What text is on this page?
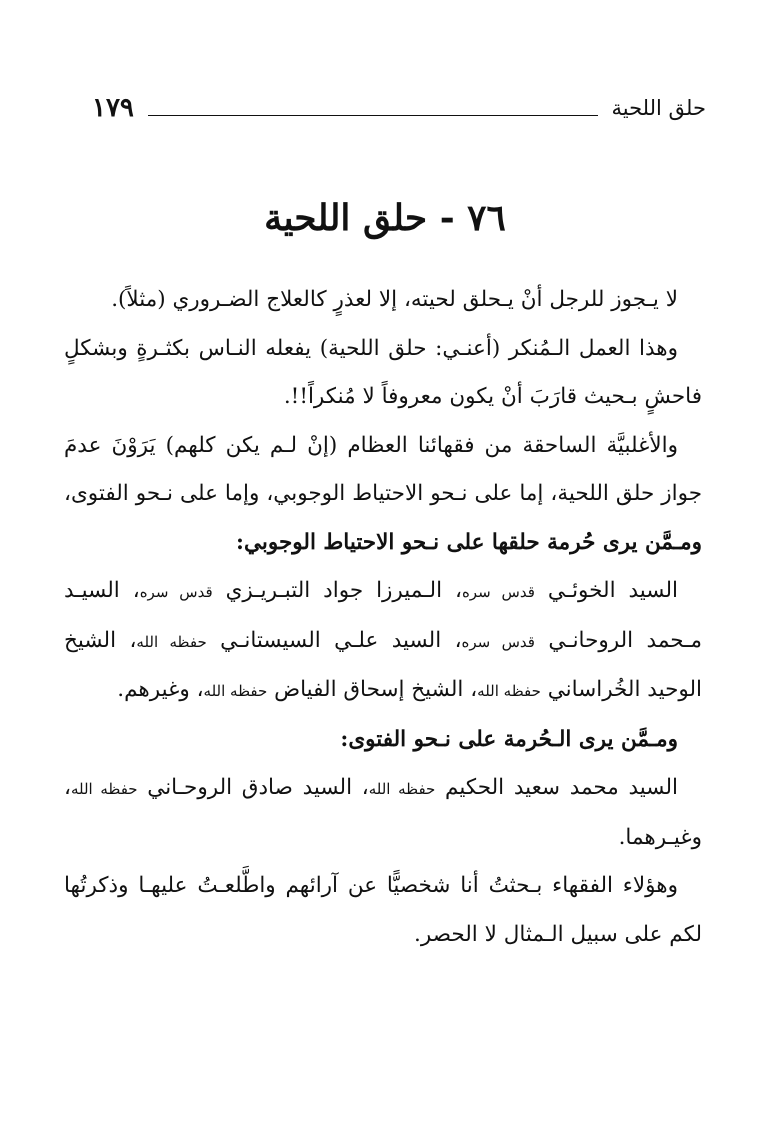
حلق اللحية
١٧٩
٧٦ - حلق اللحية

لا يـجوز للرجل أنْ يـحلق لحيته، إلا لعذرٍ كالعلاج الضـروري (مثلاً).

وهذا العمل الـمُنكر (أعنـي: حلق اللحية) يفعله النـاس بكثـرةٍ وبشكلٍ فاحشٍ بـحيث قارَبَ أنْ يكون معروفاً لا مُنكراً!!.

والأغلبيَّة الساحقة من فقهائنا العظام (إنْ لـم يكن كلهم) يَرَوْنَ عدمَ جواز حلق اللحية، إما على نـحو الاحتياط الوجوبي، وإما على نـحو الفتوى، ومـمَّن يرى حُرمة حلقها على نـحو الاحتياط الوجوبي:

السيد الخوئـي قدس سره، الـميرزا جواد التبـريـزي قدس سره، السيـد مـحمد الروحانـي قدس سره، السيد علـي السيستانـي حفظه الله، الشيخ الوحيد الخُراساني حفظه الله، الشيخ إسحاق الفياض حفظه الله، وغيرهم.

ومـمَّن يرى الـحُرمة على نـحو الفتوى:

السيد محمد سعيد الحكيم حفظه الله، السيد صادق الروحـاني حفظه الله، وغيـرهما.

وهؤلاء الفقهاء بـحثتُ أنا شخصيًّا عن آرائهم واطَّلعـتُ عليهـا وذكرتُها لكم على سبيل الـمثال لا الحصر.
